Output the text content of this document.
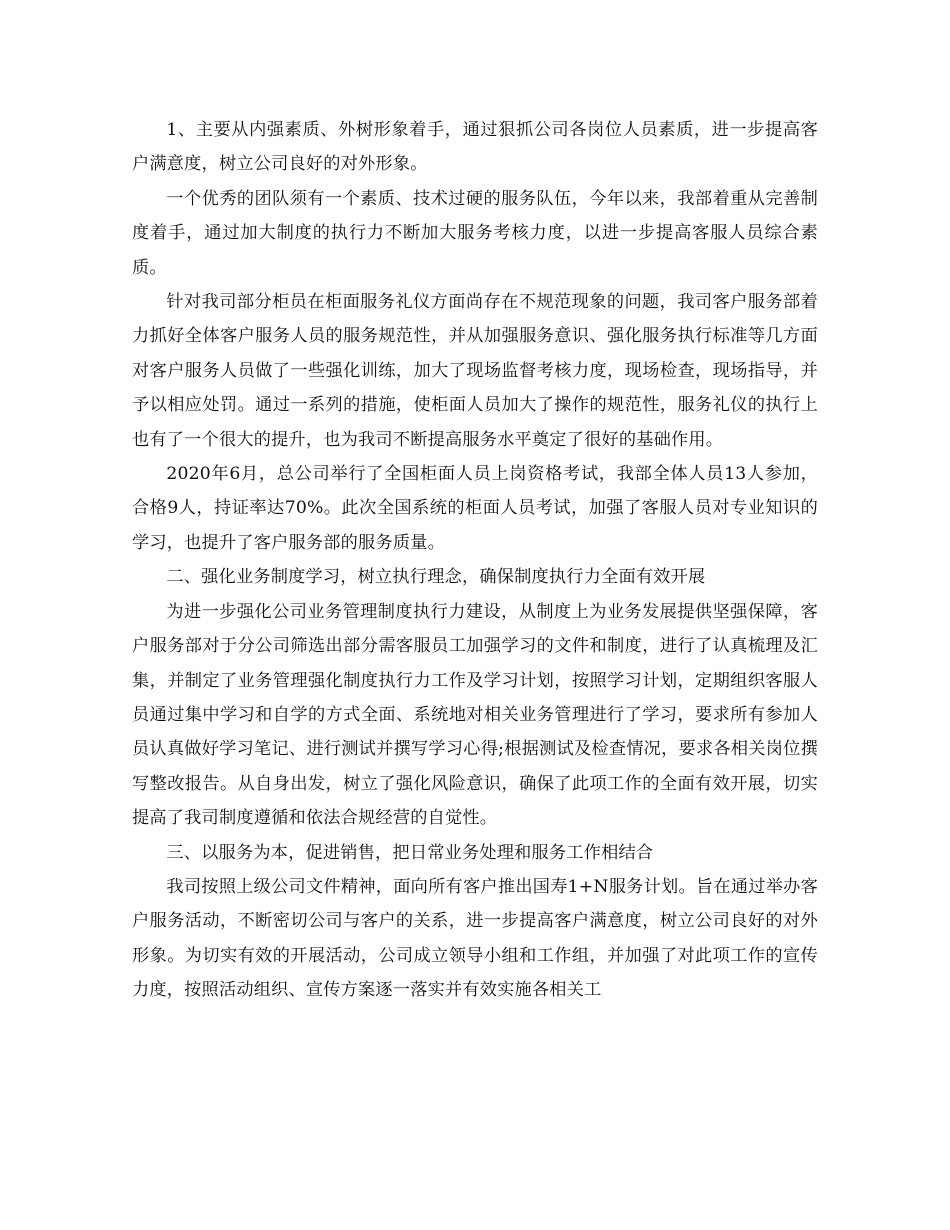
1、主要从内强素质、外树形象着手，通过狠抓公司各岗位人员素质，进一步提高客户满意度，树立公司良好的对外形象。

一个优秀的团队须有一个素质、技术过硬的服务队伍，今年以来，我部着重从完善制度着手，通过加大制度的执行力不断加大服务考核力度，以进一步提高客服人员综合素质。

针对我司部分柜员在柜面服务礼仪方面尚存在不规范现象的问题，我司客户服务部着力抓好全体客户服务人员的服务规范性，并从加强服务意识、强化服务执行标准等几方面对客户服务人员做了一些强化训练，加大了现场监督考核力度，现场检查，现场指导，并予以相应处罚。通过一系列的措施，使柜面人员加大了操作的规范性，服务礼仪的执行上也有了一个很大的提升，也为我司不断提高服务水平奠定了很好的基础作用。

2020年6月，总公司举行了全国柜面人员上岗资格考试，我部全体人员13人参加，合格9人，持证率达70%。此次全国系统的柜面人员考试，加强了客服人员对专业知识的学习，也提升了客户服务部的服务质量。

二、强化业务制度学习，树立执行理念，确保制度执行力全面有效开展

为进一步强化公司业务管理制度执行力建设，从制度上为业务发展提供坚强保障，客户服务部对于分公司筛选出部分需客服员工加强学习的文件和制度，进行了认真梳理及汇集，并制定了业务管理强化制度执行力工作及学习计划，按照学习计划，定期组织客服人员通过集中学习和自学的方式全面、系统地对相关业务管理进行了学习，要求所有参加人员认真做好学习笔记、进行测试并撰写学习心得;根据测试及检查情况，要求各相关岗位撰写整改报告。从自身出发，树立了强化风险意识，确保了此项工作的全面有效开展，切实提高了我司制度遵循和依法合规经营的自觉性。

三、以服务为本，促进销售，把日常业务处理和服务工作相结合

我司按照上级公司文件精神，面向所有客户推出国寿1+N服务计划。旨在通过举办客户服务活动，不断密切公司与客户的关系，进一步提高客户满意度，树立公司良好的对外形象。为切实有效的开展活动，公司成立领导小组和工作组，并加强了对此项工作的宣传力度，按照活动组织、宣传方案逐一落实并有效实施各相关工
